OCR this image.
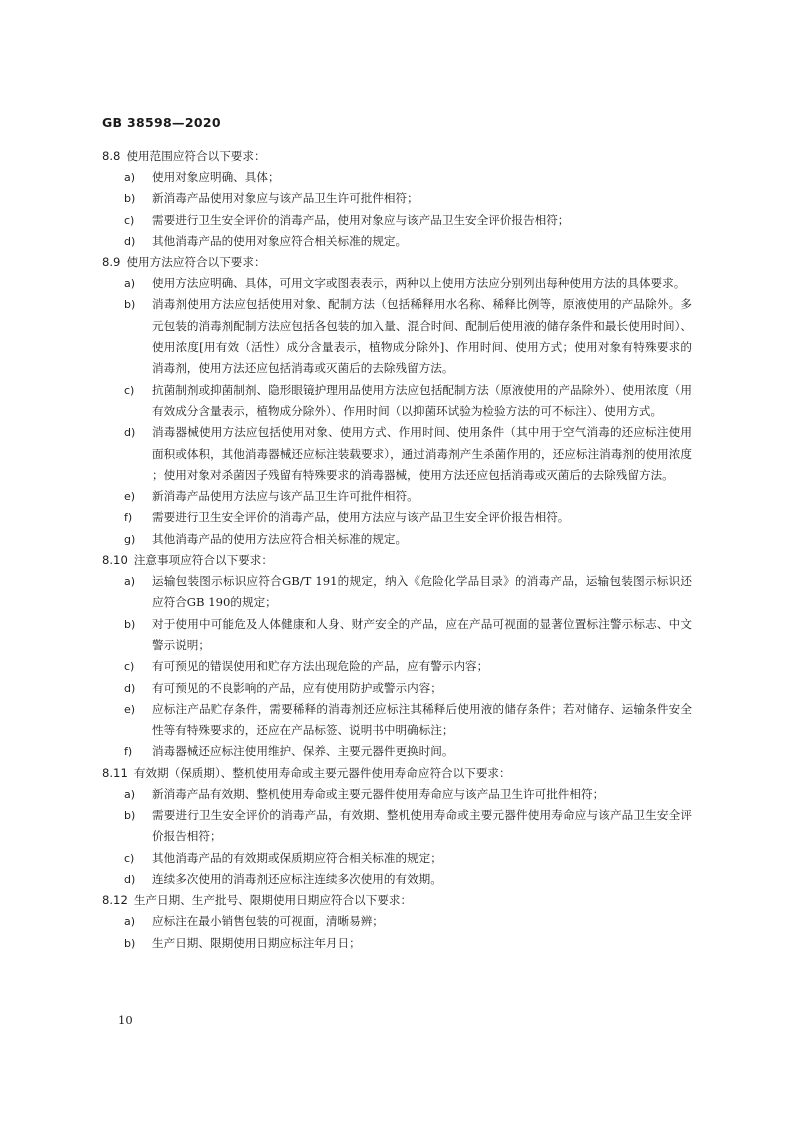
GB 38598—2020
8.8 使用范围应符合以下要求：
a)	使用对象应明确、具体；
b)	新消毒产品使用对象应与该产品卫生许可批件相符；
c)	需要进行卫生安全评价的消毒产品，使用对象应与该产品卫生安全评价报告相符；
d)	其他消毒产品的使用对象应符合相关标准的规定。
8.9 使用方法应符合以下要求：
a)	使用方法应明确、具体，可用文字或图表表示，两种以上使用方法应分别列出每种使用方法的具体要求。
b)	消毒剂使用方法应包括使用对象、配制方法（包括稀释用水名称、稀释比例等，原液使用的产品除外。多元包装的消毒剂配制方法应包括各包装的加入量、混合时间、配制后使用液的储存条件和最长使用时间）、使用浓度[用有效（活性）成分含量表示，植物成分除外]、作用时间、使用方式；使用对象有特殊要求的消毒剂，使用方法还应包括消毒或灭菌后的去除残留方法。
c)	抗菌制剂或抑菌制剂、隐形眼镜护理用品使用方法应包括配制方法（原液使用的产品除外）、使用浓度（用有效成分含量表示，植物成分除外）、作用时间（以抑菌环试验为检验方法的可不标注）、使用方式。
d)	消毒器械使用方法应包括使用对象、使用方式、作用时间、使用条件（其中用于空气消毒的还应标注使用面积或体积，其他消毒器械还应标注装载要求），通过消毒剂产生杀菌作用的，还应标注消毒剂的使用浓度；使用对象对杀菌因子残留有特殊要求的消毒器械，使用方法还应包括消毒或灭菌后的去除残留方法。
e)	新消毒产品使用方法应与该产品卫生许可批件相符。
f)	需要进行卫生安全评价的消毒产品，使用方法应与该产品卫生安全评价报告相符。
g)	其他消毒产品的使用方法应符合相关标准的规定。
8.10 注意事项应符合以下要求：
a)	运输包装图示标识应符合GB/T 191的规定，纳入《危险化学品目录》的消毒产品，运输包装图示标识还应符合GB 190的规定；
b)	对于使用中可能危及人体健康和人身、财产安全的产品，应在产品可视面的显著位置标注警示标志、中文警示说明；
c)	有可预见的错误使用和贮存方法出现危险的产品，应有警示内容；
d)	有可预见的不良影响的产品，应有使用防护或警示内容；
e)	应标注产品贮存条件，需要稀释的消毒剂还应标注其稀释后使用液的储存条件；若对储存、运输条件安全性等有特殊要求的，还应在产品标签、说明书中明确标注；
f)	消毒器械还应标注使用维护、保养、主要元器件更换时间。
8.11 有效期（保质期）、整机使用寿命或主要元器件使用寿命应符合以下要求：
a)	新消毒产品有效期、整机使用寿命或主要元器件使用寿命应与该产品卫生许可批件相符；
b)	需要进行卫生安全评价的消毒产品，有效期、整机使用寿命或主要元器件使用寿命应与该产品卫生安全评价报告相符；
c)	其他消毒产品的有效期或保质期应符合相关标准的规定；
d)	连续多次使用的消毒剂还应标注连续多次使用的有效期。
8.12 生产日期、生产批号、限期使用日期应符合以下要求：
a)	应标注在最小销售包装的可视面，清晰易辨；
b)	生产日期、限期使用日期应标注年月日；
10
